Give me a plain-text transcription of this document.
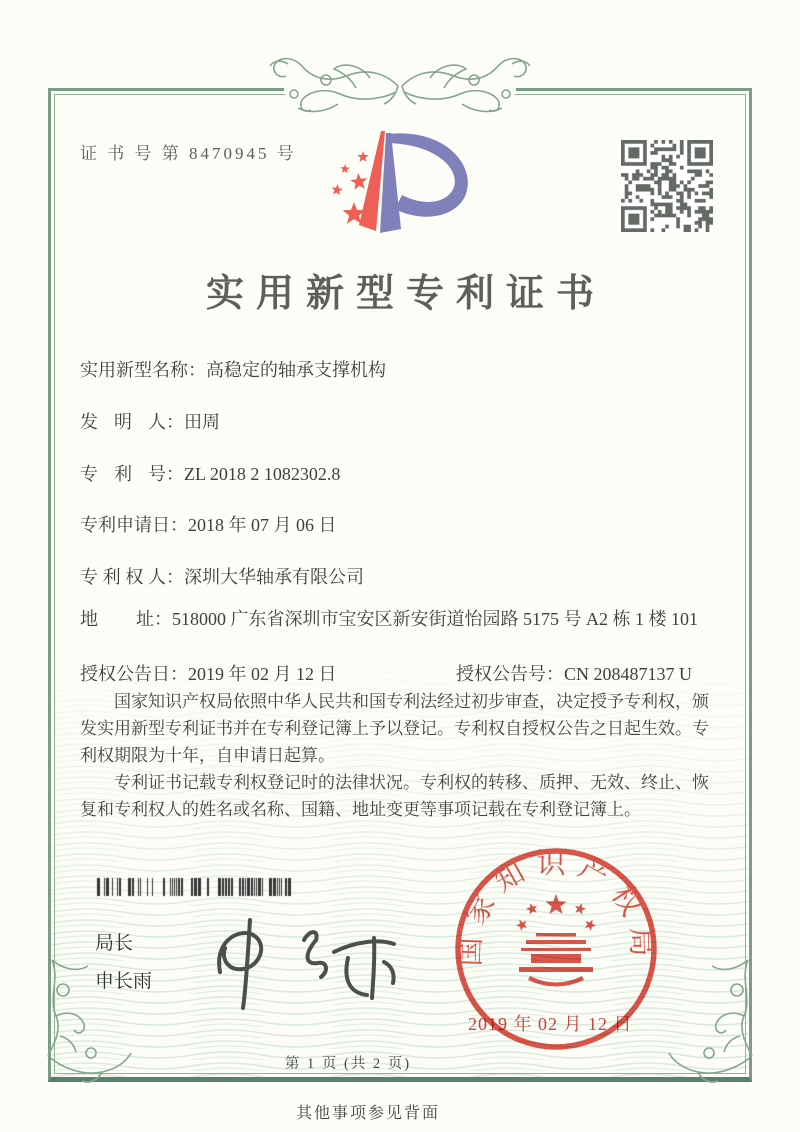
证 书 号 第 8470945 号
实用新型专利证书
实用新型名称 ： 高稳定的轴承支撑机构
发明人 ： 田周
专利号 ： ZL 2018 2 1082302.8
专利申请日 ： 2018 年 07 月 06 日
专利权人 ： 深圳大华轴承有限公司
地址 ： 518000 广东省深圳市宝安区新安街道怡园路 5175 号 A2 栋 1 楼 101
授权公告日 ： 2019 年 02 月 12 日	授权公告号 ： CN 208487137 U

国家知识产权局依照中华人民共和国专利法经过初步审查，决定授予专利权，颁发实用新型专利证书并在专利登记簿上予以登记。专利权自授权公告之日起生效。专利权期限为十年，自申请日起算。

专利证书记载专利权登记时的法律状况。专利权的转移、质押、无效、终止、恢复和专利权人的姓名或名称、国籍、地址变更等事项记载在专利登记簿上。

局长
申长雨
国家知识产权局
2019 年 02 月 12 日
第 1 页 (共 2 页)
其他事项参见背面
